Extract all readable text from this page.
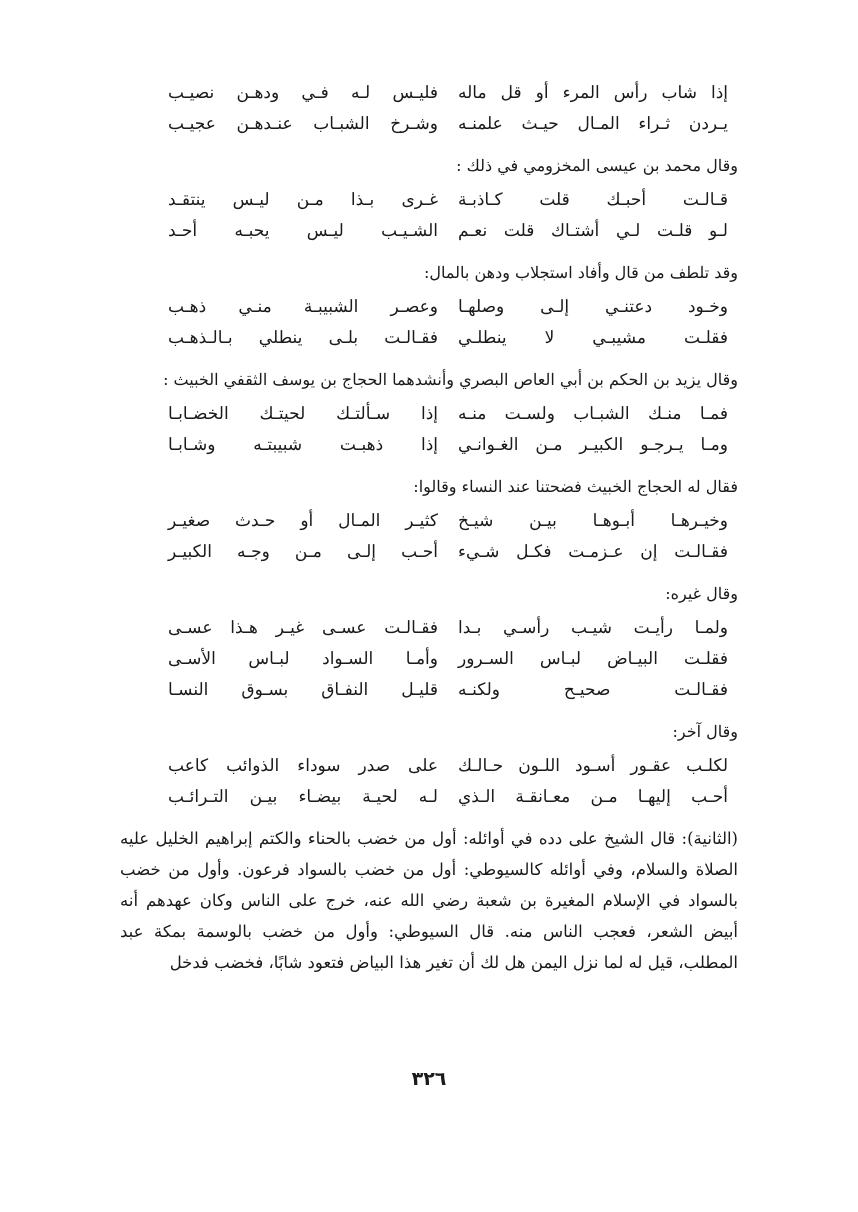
إذا شاب رأس المرء أو قل ماله
فليـس لـه فـي ودهـن نصيـب
يـردن ثـراء المـال حيـث علمنـه
وشـرخ الشبـاب عنـدهـن عجيـب
وقال محمد بن عيسى المخزومي في ذلك :
قـالـت أحبـك قلت كـاذبـة
غـرى بـذا مـن ليـس ينتقـد
لـو قلـت لـي أشتـاك قلت نعـم
الشـيـب ليـس يحبـه أحـد
وقد تلطف من قال وأفاد استجلاب ودهن بالمال:
وخـود دعتنـي إلـى وصلهـا
وعصـر الشبيبـة منـي ذهـب
فقلـت مشيبـي لا ينطلـي
فقـالـت بلـى ينطلي بـالـذهـب
وقال يزيد بن الحكم بن أبي العاص البصري وأنشدهما الحجاج بن يوسف الثقفي الخبيث :
فمـا منـك الشبـاب ولسـت منـه
إذا سـألتـك لحيتـك الخضـابـا
ومـا يـرجـو الكبيـر مـن الغـوانـي
إذا ذهبـت شبيبتـه وشـابـا
فقال له الحجاج الخبيث فضحتنا عند النساء وقالوا:
وخيـرهـا أبـوهـا بيـن شيـخ
كثيـر المـال أو حـدث صغيـر
فقـالـت إن عـزمـت فكـل شـيء
أحـب إلـى مـن وجـه الكبيـر
وقال غيره:
ولمـا رأيـت شيـب رأسـي بـدا
فقـالـت عسـى غيـر هـذا عسـى
فقلـت البيـاض لبـاس السـرور
وأمـا السـواد لبـاس الأسـى
فقـالـت صحيـح ولكنـه
قليـل النفـاق بسـوق النسـا
وقال آخر:
لكلـب عقـور أسـود اللـون حـالـك
على صدر سوداء الذوائب كاعب
أحـب إليهـا مـن معـانقـة الـذي
لـه لحيـة بيضـاء بيـن التـرائـب

(الثانية): قال الشيخ على دده في أوائله: أول من خضب بالحناء والكتم إبراهيم الخليل عليه الصلاة والسلام، وفي أوائله كالسيوطي: أول من خضب بالسواد فرعون. وأول من خضب بالسواد في الإسلام المغيرة بن شعبة رضي الله عنه، خرج على الناس وكان عهدهم أنه أبيض الشعر، فعجب الناس منه. قال السيوطي: وأول من خضب بالوسمة بمكة عبد المطلب، قيل له لما نزل اليمن هل لك أن تغير هذا البياض فتعود شابًا، فخضب فدخل

٣٢٦
